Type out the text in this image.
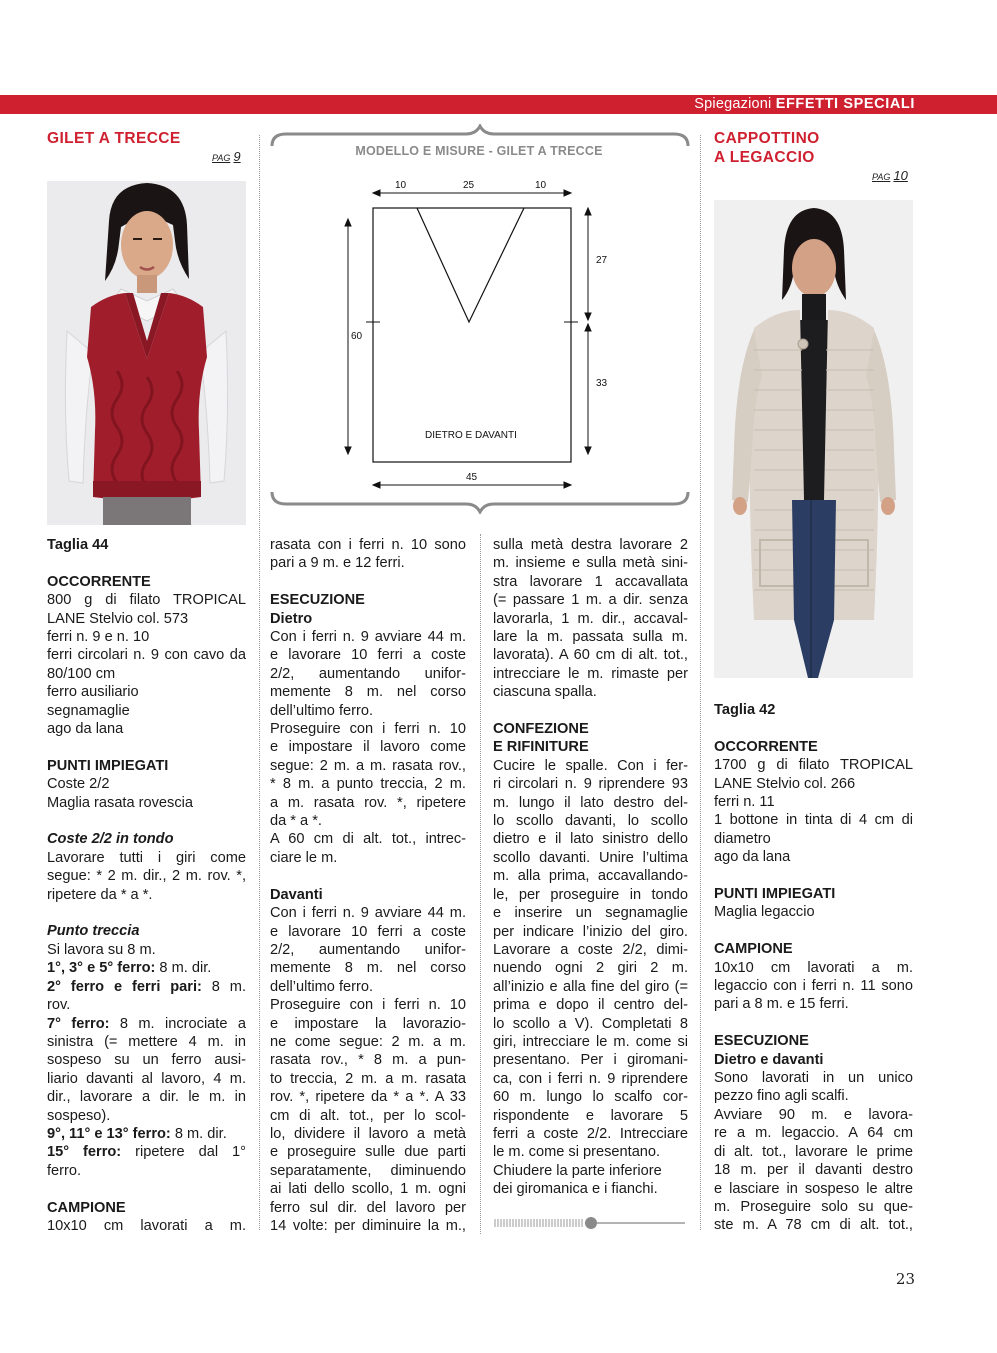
Spiegazioni EFFETTI SPECIALI
GILET A TRECCE
PAG 9

Taglia 44

OCCORRENTE

800 g di filato TROPICAL

LANE Stelvio col. 573

ferri n. 9 e n. 10

ferri circolari n. 9 con cavo da

80/100 cm

ferro ausiliario

segnamaglie

ago da lana

PUNTI IMPIEGATI

Coste 2/2

Maglia rasata rovescia

Coste 2/2 in tondo

Lavorare tutti i giri come

segue: * 2 m. dir., 2 m. rov. *,

ripetere da * a *.

Punto treccia

Si lavora su 8 m.

1°, 3° e 5° ferro: 8 m. dir.

2° ferro e ferri pari: 8 m.

rov.

7° ferro: 8 m. incrociate a

sinistra (= mettere 4 m. in

sospeso su un ferro ausi-

liario davanti al lavoro, 4 m.

dir., lavorare a dir. le m. in

sospeso).

9°, 11° e 13° ferro: 8 m. dir.

15° ferro: ripetere dal 1°

ferro.

CAMPIONE

10x10 cm lavorati a m.

MODELLO E MISURE - GILET A TRECCE
10	25	10
27
60
33
DIETRO E DAVANTI
45

rasata con i ferri n. 10 sono

pari a 9 m. e 12 ferri.

ESECUZIONE

Dietro

Con i ferri n. 9 avviare 44 m.

e lavorare 10 ferri a coste

2/2, aumentando unifor-

memente 8 m. nel corso

dell’ultimo ferro.

Proseguire con i ferri n. 10

e impostare il lavoro come

segue: 2 m. a m. rasata rov.,

* 8 m. a punto treccia, 2 m.

a m. rasata rov. *, ripetere

da * a *.

A 60 cm di alt. tot., intrec-

ciare le m.

Davanti

Con i ferri n. 9 avviare 44 m.

e lavorare 10 ferri a coste

2/2, aumentando unifor-

memente 8 m. nel corso

dell’ultimo ferro.

Proseguire con i ferri n. 10

e impostare la lavorazio-

ne come segue: 2 m. a m.

rasata rov., * 8 m. a pun-

to treccia, 2 m. a m. rasata

rov. *, ripetere da * a *. A 33

cm di alt. tot., per lo scol-

lo, dividere il lavoro a metà

e proseguire sulle due parti

separatamente, diminuendo

ai lati dello scollo, 1 m. ogni

ferro sul dir. del lavoro per

14 volte: per diminuire la m.,

sulla metà destra lavorare 2

m. insieme e sulla metà sini-

stra lavorare 1 accavallata

(= passare 1 m. a dir. senza

lavorarla, 1 m. dir., accaval-

lare la m. passata sulla m.

lavorata). A 60 cm di alt. tot.,

intrecciare le m. rimaste per

ciascuna spalla.

CONFEZIONE

E RIFINITURE

Cucire le spalle. Con i fer-

ri circolari n. 9 riprendere 93

m. lungo il lato destro del-

lo scollo davanti, lo scollo

dietro e il lato sinistro dello

scollo davanti. Unire l’ultima

m. alla prima, accavallando-

le, per proseguire in tondo

e inserire un segnamaglie

per indicare l’inizio del giro.

Lavorare a coste 2/2, dimi-

nuendo ogni 2 giri 2 m.

all’inizio e alla fine del giro (=

prima e dopo il centro del-

lo scollo a V). Completati 8

giri, intrecciare le m. come si

presentano. Per i giromani-

ca, con i ferri n. 9 riprendere

60 m. lungo lo scalfo cor-

rispondente e lavorare 5

ferri a coste 2/2. Intrecciare

le m. come si presentano.

Chiudere la parte inferiore

dei giromanica e i fianchi.

CAPPOTTINO
A LEGACCIO
PAG 10

Taglia 42

OCCORRENTE

1700 g di filato TROPICAL

LANE Stelvio col. 266

ferri n. 11

1 bottone in tinta di 4 cm di

diametro

ago da lana

PUNTI IMPIEGATI

Maglia legaccio

CAMPIONE

10x10 cm lavorati a m.

legaccio con i ferri n. 11 sono

pari a 8 m. e 15 ferri.

ESECUZIONE

Dietro e davanti

Sono lavorati in un unico

pezzo fino agli scalfi.

Avviare 90 m. e lavora-

re a m. legaccio. A 64 cm

di alt. tot., lavorare le prime

18 m. per il davanti destro

e lasciare in sospeso le altre

m. Proseguire solo su que-

ste m. A 78 cm di alt. tot.,

23
